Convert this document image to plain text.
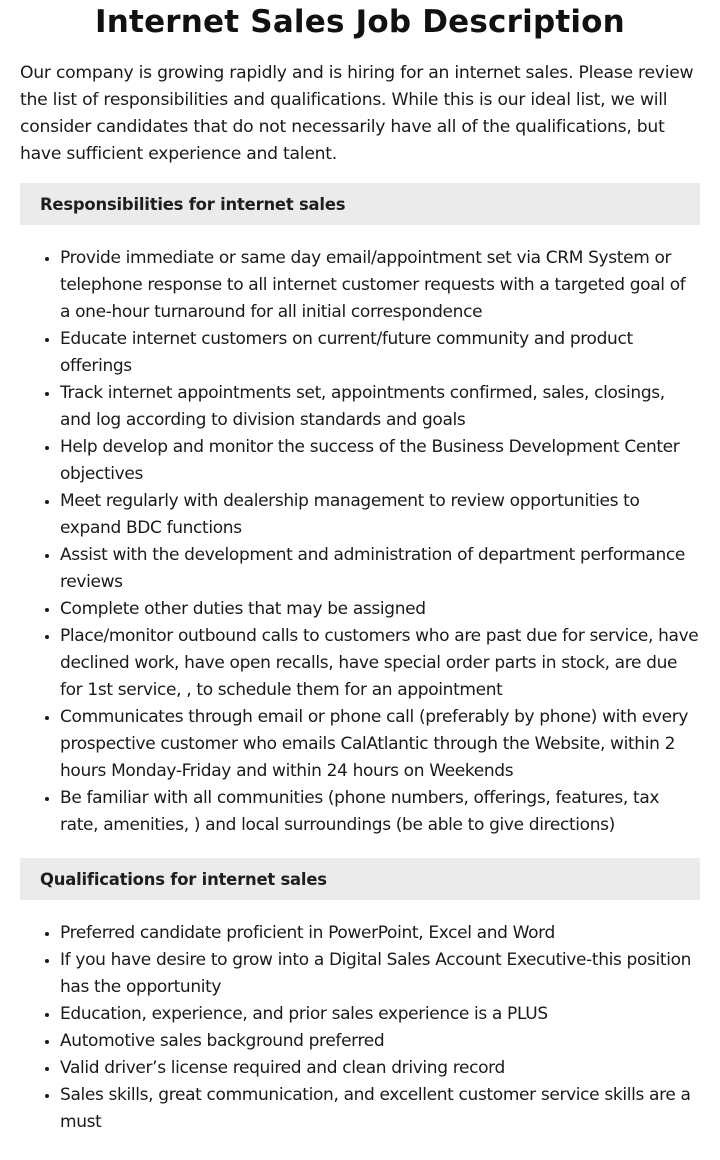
Internet Sales Job Description

Our company is growing rapidly and is hiring for an internet sales. Please review the list of responsibilities and qualifications. While this is our ideal list, we will consider candidates that do not necessarily have all of the qualifications, but have sufficient experience and talent.

Responsibilities for internet sales
• Provide immediate or same day email/appointment set via CRM System or telephone response to all internet customer requests with a targeted goal of a one-hour turnaround for all initial correspondence
• Educate internet customers on current/future community and product offerings
• Track internet appointments set, appointments confirmed, sales, closings, and log according to division standards and goals
• Help develop and monitor the success of the Business Development Center objectives
• Meet regularly with dealership management to review opportunities to expand BDC functions
• Assist with the development and administration of department performance reviews
• Complete other duties that may be assigned
• Place/monitor outbound calls to customers who are past due for service, have declined work, have open recalls, have special order parts in stock, are due for 1st service, , to schedule them for an appointment
• Communicates through email or phone call (preferably by phone) with every prospective customer who emails CalAtlantic through the Website, within 2 hours Monday-Friday and within 24 hours on Weekends
• Be familiar with all communities (phone numbers, offerings, features, tax rate, amenities, ) and local surroundings (be able to give directions)
Qualifications for internet sales
• Preferred candidate proficient in PowerPoint, Excel and Word
• If you have desire to grow into a Digital Sales Account Executive-this position has the opportunity
• Education, experience, and prior sales experience is a PLUS
• Automotive sales background preferred
• Valid driver’s license required and clean driving record
• Sales skills, great communication, and excellent customer service skills are a must
